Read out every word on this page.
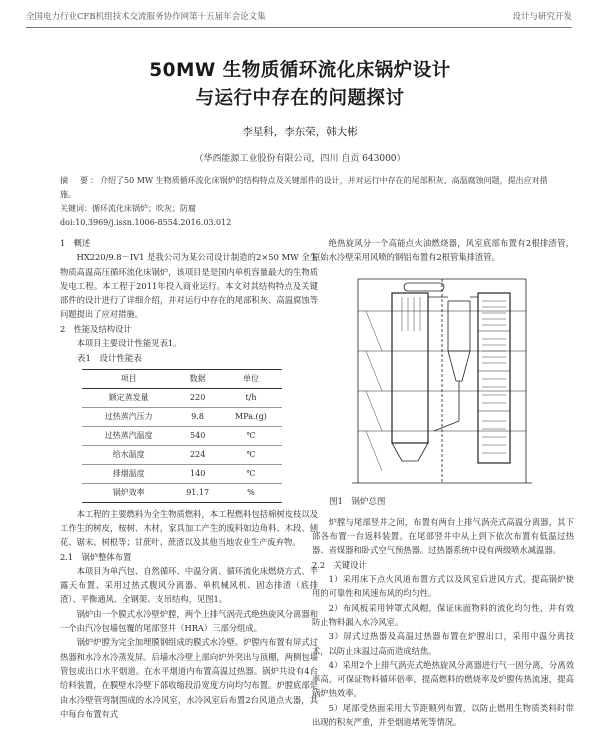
全国电力行业CFB机组技术交流服务协作网第十五届年会论文集	设计与研究开发
50MW 生物质循环流化床锅炉设计
与运行中存在的问题探讨
李星科，李东荣，韩大彬
（华西能源工业股份有限公司，四川 自贡 643000）
摘　要：介绍了50 MW 生物质循环流化床锅炉的结构特点及关键部件的设计，并对运行中存在的尾部积灰、高温腐蚀问题，提出应对措施。
关键词：循环流化床锅炉；吹灰；防腐
doi:10.3969/j.issn.1006-8554.2016.03.012

1　概述

HX220/9.8－IV1 是我公司为某公司设计制造的2×50 MW 全生物质高温高压循环流化床锅炉，该项目是是国内单机容量最大的生物质发电工程。本工程于2011年投入商业运行。本文对其结构特点及关键部件的设计进行了详细介绍，并对运行中存在的尾部积灰、高温腐蚀等问题提出了应对措施。

2　性能及结构设计

本项目主要设计性能见表1。

表1　设计性能表

项目	数据	单位
额定蒸发量	220	t/h
过热蒸汽压力	9.8	MPa.(g)
过热蒸汽温度	540	℃
给水温度	224	℃
排烟温度	140	℃
锅炉效率	91.17	%

本工程的主要燃料为全生物质燃料，本工程燃料包括棉树皮枝以及工作生的树皮，桉树、木材，家具加工产生的废料如边角料、木段、刨花、锯末、树根等；甘蔗叶、蔗渣以及其他当地农业生产废弃物。

2.1　锅炉整体布置

本项目为单汽包、自然循环、中温分离、循环流化床燃烧方式、半露天布置、采用过热式腹风分离器、单机械风机、固态排渣（底排渣）、平衡通风、全钢架、支吊结构，见图1。

锅炉由一个膜式水冷壁炉膛，两个上排气涡壳式绝热旋风分离器和一个由汽冷包墙包覆的尾部竖井（HRA）三部分组成。

锅炉炉膛为完全加埋膜钢组成的膜式水冷壁。炉膛内布置有屏式过热器和水冷水冷蒸发屏。后墙水冷壁上部向炉外突出与顶棚，两侧包墙管包成出口水平烟道。在水平烟道内布置高温过热器。锅炉共设有4台给料装置，在膜壁水冷壁下部收缩段沿宽度方向均匀布置。炉膛底部是由水冷壁管弯制围成的水冷风室，水冷风室后布置2台风道点火器，其中每台布置有式

绝热旋风分一个高能点火油燃烧器，风室底部布置有2根排渣管，原始水冷壁采用风喷的钢铝布置有2根管集排渣管。

图1　锅炉总图

炉膛与尾部竖井之间，布置有两台上排气涡壳式高温分离器，其下部各布置一台返料装置。在尾部竖井中从上到下依次布置有低温过热器、省煤器和卧式空气预热器。过热器系统中设有两级喷水减温器。

2.2　关键设计

1）采用床下点火风道布置方式以及风室后进风方式，提高锅炉使用的可靠性和风速布风的均匀性。

2）布风板采用钟罩式风帽，保证床面物料的流化均匀性，并有效防止物料漏入水冷风室。

3）屏式过热器及高温过热器布置在炉膛出口，采用中温分离技术，以防止床温过高而造成结焦。

4）采用2个上排气涡壳式绝热旋风分离器进行气一固分离，分离效率高，可保证物料循环倍率，提高燃料的燃烧率及炉膛传热流速，提高锅炉热效率。

5）尾部受热面采用大节距顺列布置，以防止燃用生物质类料时带出现的积灰严重，并至烟道堵死等情况。
